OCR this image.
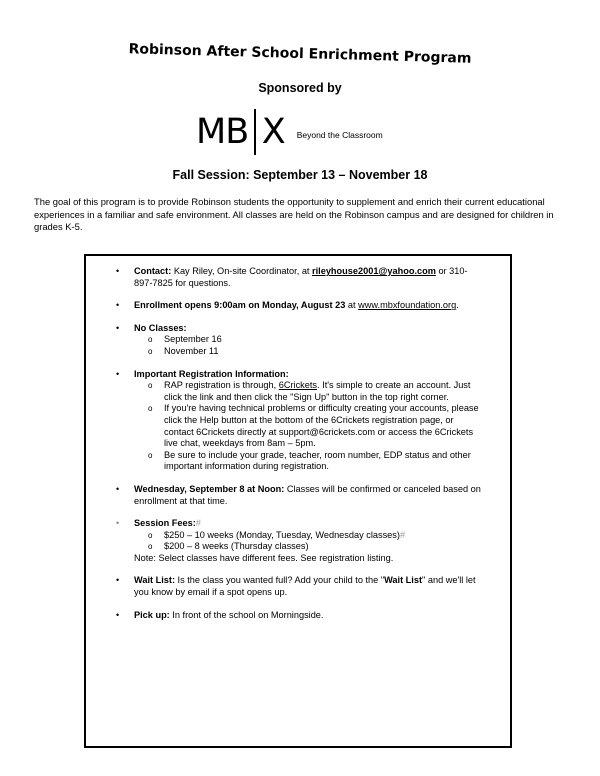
Robinson After School Enrichment Program
Sponsored by
MB X Beyond the Classroom
Fall Session: September 13 – November 18
The goal of this program is to provide Robinson students the opportunity to supplement and enrich their current educational experiences in a familiar and safe environment. All classes are held on the Robinson campus and are designed for children in grades K-5.
• Contact: Kay Riley, On-site Coordinator, at rileyhouse2001@yahoo.com or 310- 897-7825 for questions.
• Enrollment opens 9:00am on Monday, August 23 at www.mbxfoundation.org.
• No Classes:
o September 16
o November 11
• Important Registration Information:
o RAP registration is through, 6Crickets. It's simple to create an account. Just click the link and then click the "Sign Up" button in the top right corner.
o If you're having technical problems or difficulty creating your accounts, please click the Help button at the bottom of the 6Crickets registration page, or contact 6Crickets directly at support@6crickets.com or access the 6Crickets live chat, weekdays from 8am – 5pm.
o Be sure to include your grade, teacher, room number, EDP status and other important information during registration.
• Wednesday, September 8 at Noon: Classes will be confirmed or canceled based on enrollment at that time.
• Session Fees:#
o $250 – 10 weeks (Monday, Tuesday, Wednesday classes)#
o $200 – 8 weeks (Thursday classes)
Note: Select classes have different fees. See registration listing.
• Wait List: Is the class you wanted full? Add your child to the "Wait List" and we'll let you know by email if a spot opens up.
• Pick up: In front of the school on Morningside.
